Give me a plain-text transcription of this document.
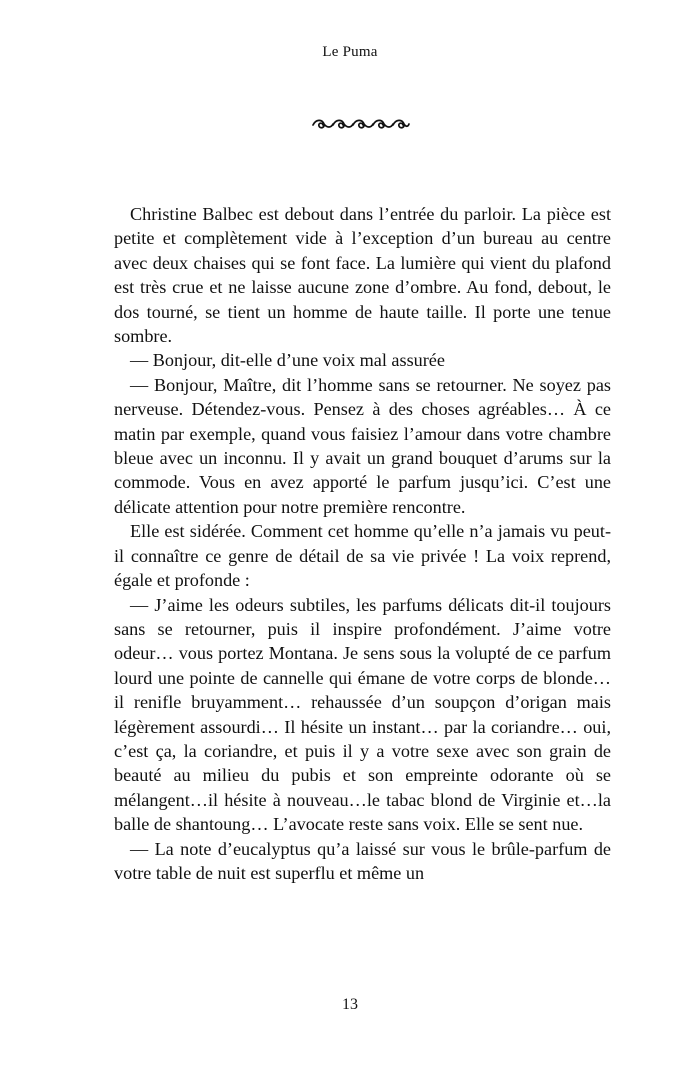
Le Puma

Christine Balbec est debout dans l’entrée du parloir. La pièce est petite et complètement vide à l’exception d’un bureau au centre avec deux chaises qui se font face. La lumière qui vient du plafond est très crue et ne laisse aucune zone d’ombre. Au fond, debout, le dos tourné, se tient un homme de haute taille. Il porte une tenue sombre.

— Bonjour, dit-elle d’une voix mal assurée

— Bonjour, Maître, dit l’homme sans se retourner. Ne soyez pas nerveuse. Détendez-vous. Pensez à des choses agréables… À ce matin par exemple, quand vous faisiez l’amour dans votre chambre bleue avec un inconnu. Il y avait un grand bouquet d’arums sur la commode. Vous en avez apporté le parfum jusqu’ici. C’est une délicate attention pour notre première rencontre.

Elle est sidérée. Comment cet homme qu’elle n’a jamais vu peut-il connaître ce genre de détail de sa vie privée ! La voix reprend, égale et profonde :

— J’aime les odeurs subtiles, les parfums délicats dit-il toujours sans se retourner, puis il inspire profondément. J’aime votre odeur… vous portez Montana. Je sens sous la volupté de ce parfum lourd une pointe de cannelle qui émane de votre corps de blonde… il renifle bruyamment… rehaussée d’un soupçon d’origan mais légèrement assourdi… Il hésite un instant… par la coriandre… oui, c’est ça, la coriandre, et puis il y a votre sexe avec son grain de beauté au milieu du pubis et son empreinte odorante où se mélangent…il hésite à nouveau…le tabac blond de Virginie et…la balle de shantoung… L’avocate reste sans voix. Elle se sent nue.

— La note d’eucalyptus qu’a laissé sur vous le brûle-parfum de votre table de nuit est superflu et même un

13
